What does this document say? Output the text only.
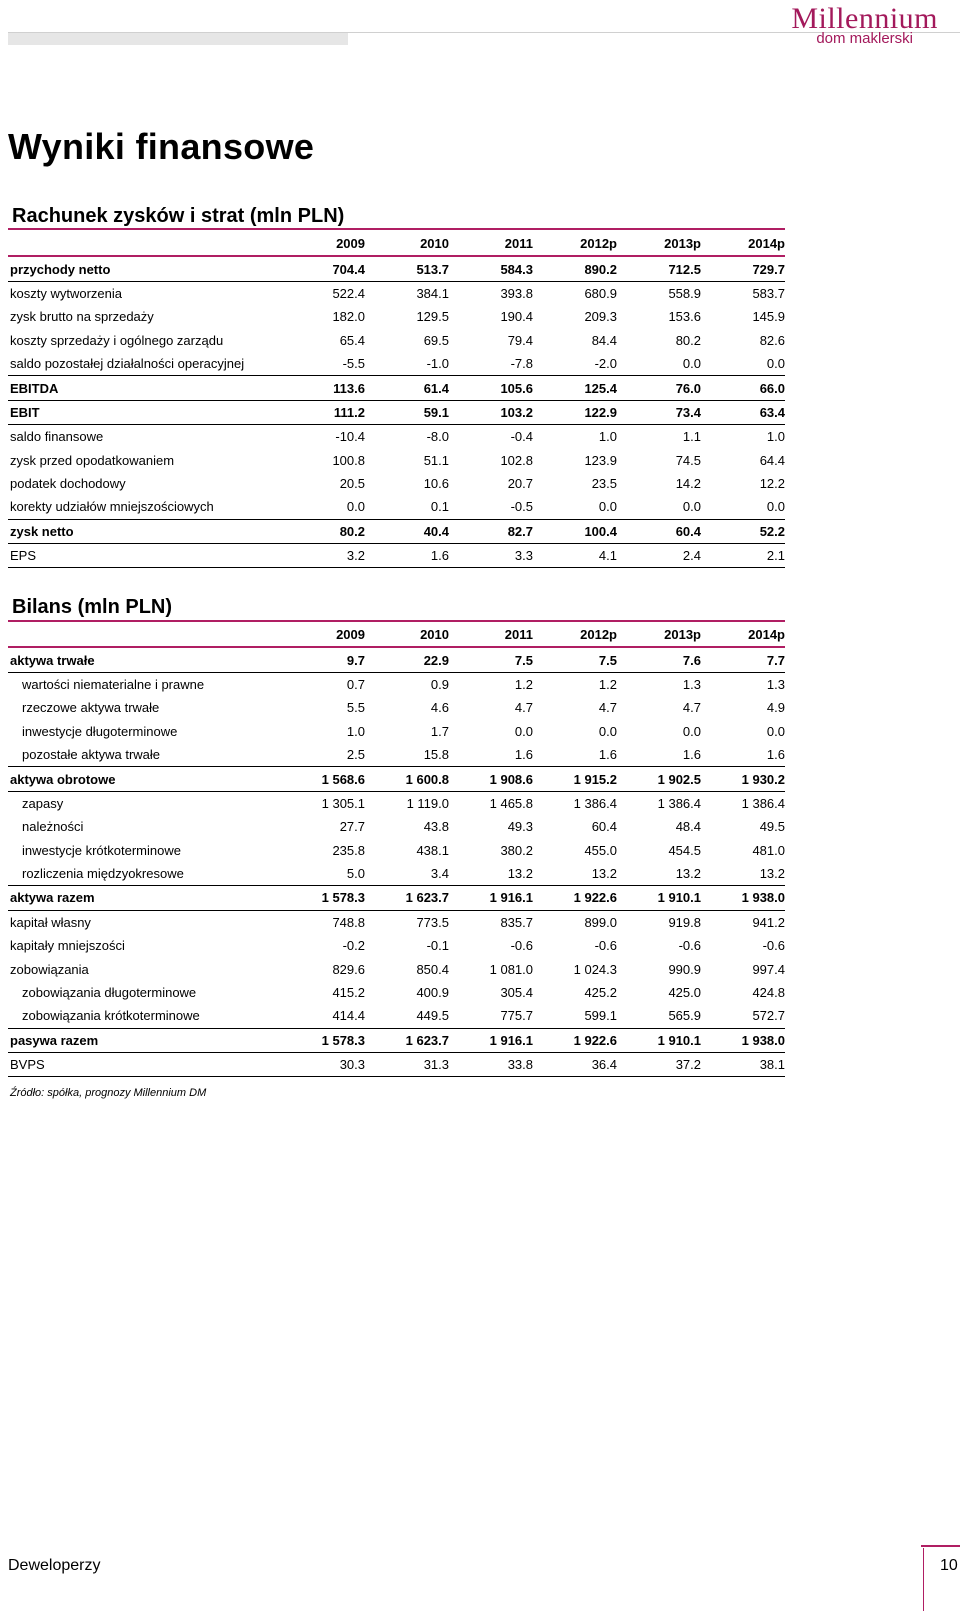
Millennium
dom maklerski
Wyniki finansowe
Rachunek zysków i strat (mln PLN)
	2009	2010	2011	2012p	2013p	2014p
przychody netto	704.4	513.7	584.3	890.2	712.5	729.7
koszty wytworzenia	522.4	384.1	393.8	680.9	558.9	583.7
zysk brutto na sprzedaży	182.0	129.5	190.4	209.3	153.6	145.9
koszty sprzedaży i ogólnego zarządu	65.4	69.5	79.4	84.4	80.2	82.6
saldo pozostałej działalności operacyjnej	-5.5	-1.0	-7.8	-2.0	0.0	0.0
EBITDA	113.6	61.4	105.6	125.4	76.0	66.0
EBIT	111.2	59.1	103.2	122.9	73.4	63.4
saldo finansowe	-10.4	-8.0	-0.4	1.0	1.1	1.0
zysk przed opodatkowaniem	100.8	51.1	102.8	123.9	74.5	64.4
podatek dochodowy	20.5	10.6	20.7	23.5	14.2	12.2
korekty udziałów mniejszościowych	0.0	0.1	-0.5	0.0	0.0	0.0
zysk netto	80.2	40.4	82.7	100.4	60.4	52.2
EPS	3.2	1.6	3.3	4.1	2.4	2.1
Bilans (mln PLN)
	2009	2010	2011	2012p	2013p	2014p
aktywa trwałe	9.7	22.9	7.5	7.5	7.6	7.7
wartości niematerialne i prawne	0.7	0.9	1.2	1.2	1.3	1.3
rzeczowe aktywa trwałe	5.5	4.6	4.7	4.7	4.7	4.9
inwestycje długoterminowe	1.0	1.7	0.0	0.0	0.0	0.0
pozostałe aktywa trwałe	2.5	15.8	1.6	1.6	1.6	1.6
aktywa obrotowe	1 568.6	1 600.8	1 908.6	1 915.2	1 902.5	1 930.2
zapasy	1 305.1	1 119.0	1 465.8	1 386.4	1 386.4	1 386.4
należności	27.7	43.8	49.3	60.4	48.4	49.5
inwestycje krótkoterminowe	235.8	438.1	380.2	455.0	454.5	481.0
rozliczenia międzyokresowe	5.0	3.4	13.2	13.2	13.2	13.2
aktywa razem	1 578.3	1 623.7	1 916.1	1 922.6	1 910.1	1 938.0
kapitał własny	748.8	773.5	835.7	899.0	919.8	941.2
kapitały mniejszości	-0.2	-0.1	-0.6	-0.6	-0.6	-0.6
zobowiązania	829.6	850.4	1 081.0	1 024.3	990.9	997.4
zobowiązania długoterminowe	415.2	400.9	305.4	425.2	425.0	424.8
zobowiązania krótkoterminowe	414.4	449.5	775.7	599.1	565.9	572.7
pasywa razem	1 578.3	1 623.7	1 916.1	1 922.6	1 910.1	1 938.0
BVPS	30.3	31.3	33.8	36.4	37.2	38.1
Źródło: spółka, prognozy Millennium DM
Deweloperzy	10
